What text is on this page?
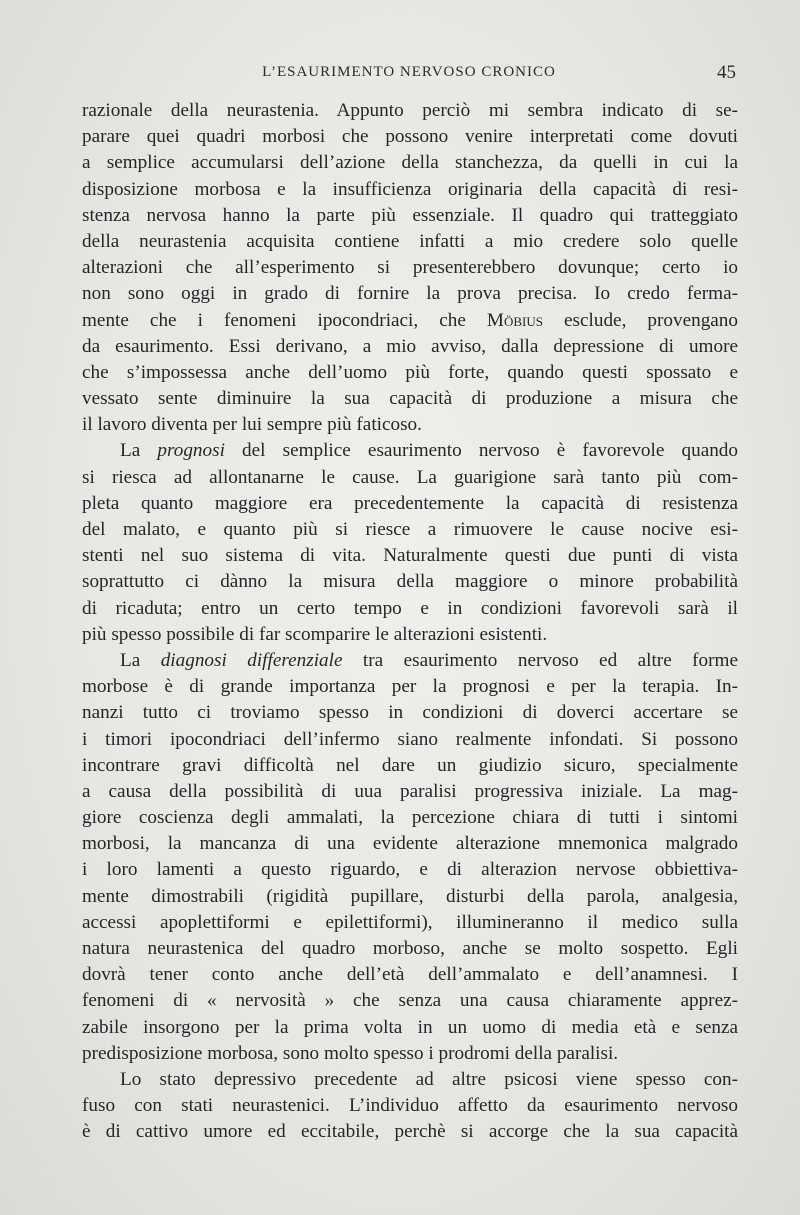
L’ESAURIMENTO NERVOSO CRONICO	45
razionale della neurastenia. Appunto perciò mi sembra indicato di se-
parare quei quadri morbosi che possono venire interpretati come dovuti
a semplice accumularsi dell’azione della stanchezza, da quelli in cui la
disposizione morbosa e la insufficienza originaria della capacità di resi-
stenza nervosa hanno la parte più essenziale. Il quadro qui tratteggiato
della neurastenia acquisita contiene infatti a mio credere solo quelle
alterazioni che all’esperimento si presenterebbero dovunque; certo io
non sono oggi in grado di fornire la prova precisa. Io credo ferma-
mente che i fenomeni ipocondriaci, che Möbius esclude, provengano
da esaurimento. Essi derivano, a mio avviso, dalla depressione di umore
che s’impossessa anche dell’uomo più forte, quando questi spossato e
vessato sente diminuire la sua capacità di produzione a misura che
il lavoro diventa per lui sempre più faticoso.
La prognosi del semplice esaurimento nervoso è favorevole quando
si riesca ad allontanarne le cause. La guarigione sarà tanto più com-
pleta quanto maggiore era precedentemente la capacità di resistenza
del malato, e quanto più si riesce a rimuovere le cause nocive esi-
stenti nel suo sistema di vita. Naturalmente questi due punti di vista
soprattutto ci dànno la misura della maggiore o minore probabilità
di ricaduta; entro un certo tempo e in condizioni favorevoli sarà il
più spesso possibile di far scomparire le alterazioni esistenti.
La diagnosi differenziale tra esaurimento nervoso ed altre forme
morbose è di grande importanza per la prognosi e per la terapia. In-
nanzi tutto ci troviamo spesso in condizioni di doverci accertare se
i timori ipocondriaci dell’infermo siano realmente infondati. Si possono
incontrare gravi difficoltà nel dare un giudizio sicuro, specialmente
a causa della possibilità di uua paralisi progressiva iniziale. La mag-
giore coscienza degli ammalati, la percezione chiara di tutti i sintomi
morbosi, la mancanza di una evidente alterazione mnemonica malgrado
i loro lamenti a questo riguardo, e di alterazion nervose obbiettiva-
mente dimostrabili (rigidità pupillare, disturbi della parola, analgesia,
accessi apoplettiformi e epilettiformi), illumineranno il medico sulla
natura neurastenica del quadro morboso, anche se molto sospetto. Egli
dovrà tener conto anche dell’età dell’ammalato e dell’anamnesi. I
fenomeni di « nervosità » che senza una causa chiaramente apprez-
zabile insorgono per la prima volta in un uomo di media età e senza
predisposizione morbosa, sono molto spesso i prodromi della paralisi.
Lo stato depressivo precedente ad altre psicosi viene spesso con-
fuso con stati neurastenici. L’individuo affetto da esaurimento nervoso
è di cattivo umore ed eccitabile, perchè si accorge che la sua capacità
